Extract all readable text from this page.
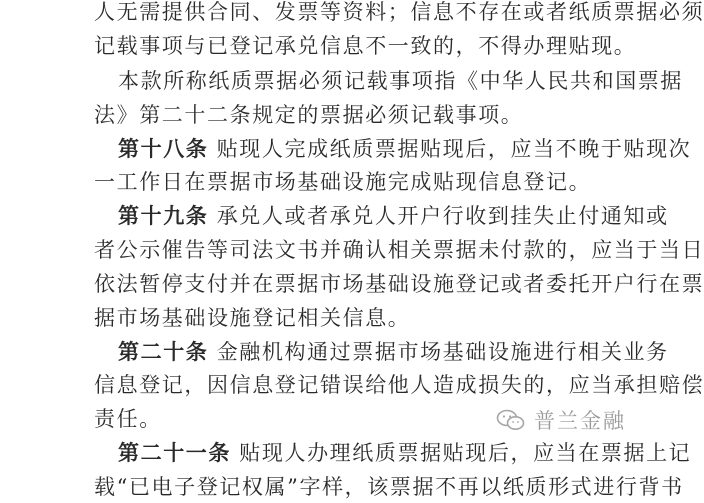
人无需提供合同、发票等资料；信息不存在或者纸质票据必须
记载事项与已登记承兑信息不一致的，不得办理贴现。
本款所称纸质票据必须记载事项指《中华人民共和国票据
法》第二十二条规定的票据必须记载事项。
第十八条 贴现人完成纸质票据贴现后，应当不晚于贴现次
一工作日在票据市场基础设施完成贴现信息登记。
第十九条 承兑人或者承兑人开户行收到挂失止付通知或
者公示催告等司法文书并确认相关票据未付款的，应当于当日
依法暂停支付并在票据市场基础设施登记或者委托开户行在票
据市场基础设施登记相关信息。
第二十条 金融机构通过票据市场基础设施进行相关业务
信息登记，因信息登记错误给他人造成损失的，应当承担赔偿
责任。
第二十一条 贴现人办理纸质票据贴现后，应当在票据上记
载“已电子登记权属”字样，该票据不再以纸质形式进行背书
普兰金融
